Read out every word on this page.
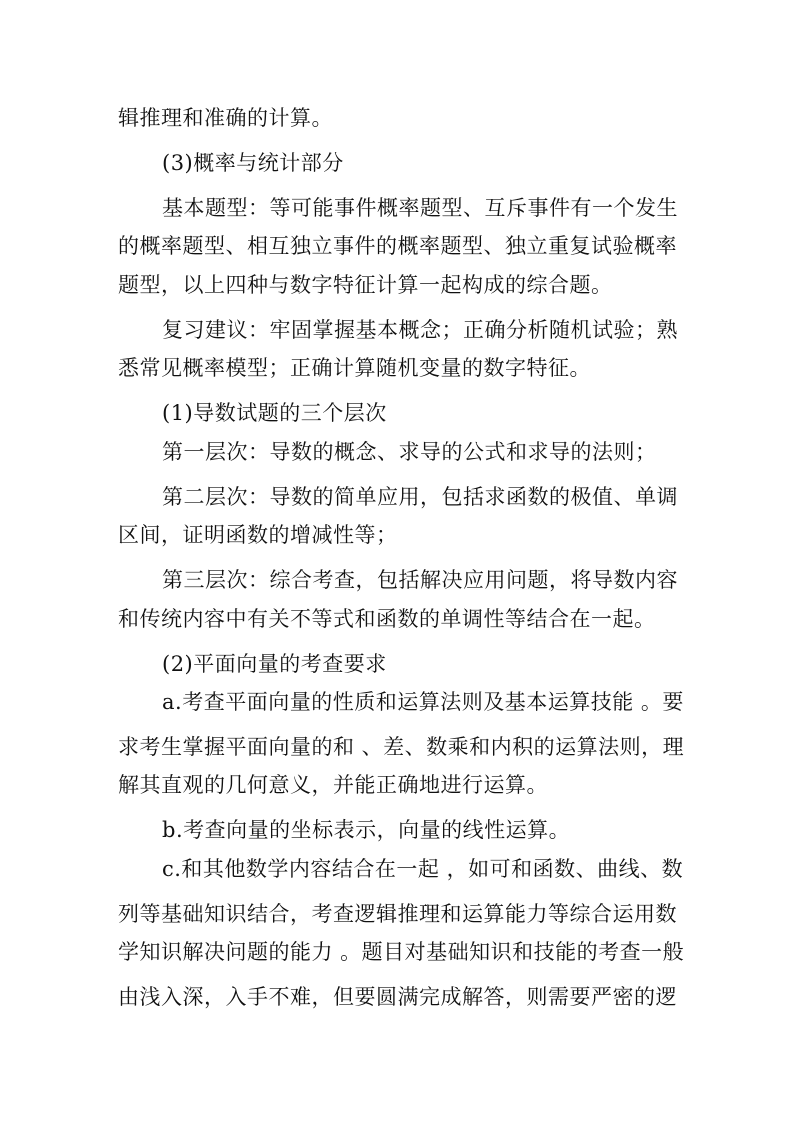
辑推理和准确的计算。

(3)概率与统计部分

基本题型：等可能事件概率题型、互斥事件有一个发生

的概率题型、相互独立事件的概率题型、独立重复试验概率

题型，以上四种与数字特征计算一起构成的综合题。

复习建议：牢固掌握基本概念；正确分析随机试验；熟

悉常见概率模型；正确计算随机变量的数字特征。

(1)导数试题的三个层次

第一层次：导数的概念、求导的公式和求导的法则；

第二层次：导数的简单应用，包括求函数的极值、单调

区间，证明函数的增减性等；

第三层次：综合考查，包括解决应用问题，将导数内容

和传统内容中有关不等式和函数的单调性等结合在一起。

(2)平面向量的考查要求

a.考查平面向量的性质和运算法则及基本运算技能 。要

求考生掌握平面向量的和 、差、数乘和内积的运算法则，理

解其直观的几何意义，并能正确地进行运算。

b.考查向量的坐标表示，向量的线性运算。

c.和其他数学内容结合在一起 ，如可和函数、曲线、数

列等基础知识结合，考查逻辑推理和运算能力等综合运用数

学知识解决问题的能力 。题目对基础知识和技能的考查一般

由浅入深，入手不难，但要圆满完成解答，则需要严密的逻
